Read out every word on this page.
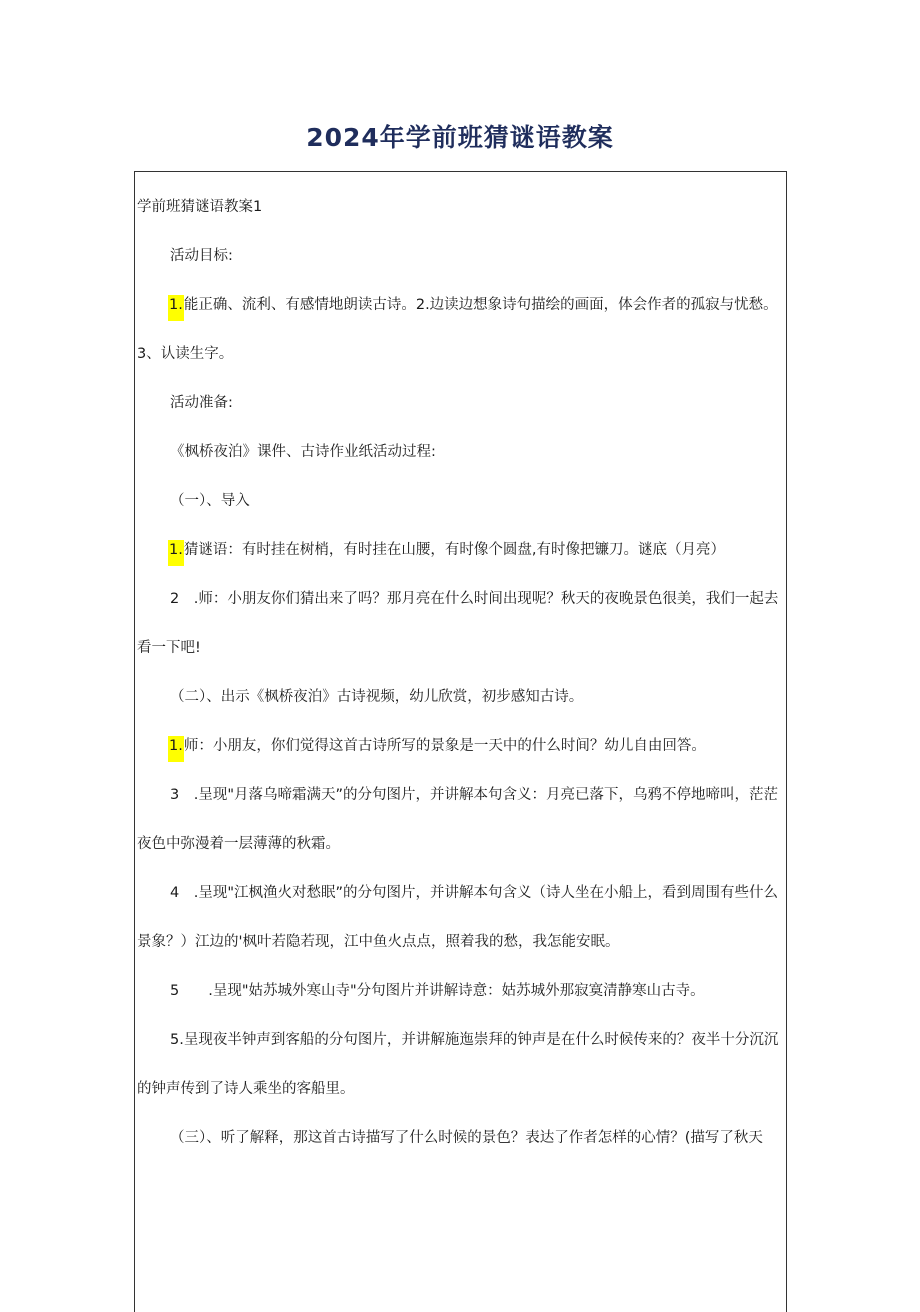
2024年学前班猜谜语教案
学前班猜谜语教案1
活动目标:
1.能正确、流利、有感情地朗读古诗。2.边读边想象诗句描绘的画面，体会作者的孤寂与忧愁。
3、认读生字。
活动准备:
《枫桥夜泊》课件、古诗作业纸活动过程:
（一）、导入
1.猜谜语：有时挂在树梢，有时挂在山腰，有时像个圆盘,有时像把镰刀。谜底（月亮）
2　.师：小朋友你们猜出来了吗？那月亮在什么时间出现呢？秋天的夜晚景色很美，我们一起去
看一下吧!
（二）、出示《枫桥夜泊》古诗视频，幼儿欣赏，初步感知古诗。
1.师：小朋友，你们觉得这首古诗所写的景象是一天中的什么时间？幼儿自由回答。
3　.呈现"月落乌啼霜满天”的分句图片，并讲解本句含义：月亮已落下，乌鸦不停地啼叫，茫茫
夜色中弥漫着一层薄薄的秋霜。
4　.呈现"江枫渔火对愁眠”的分句图片，并讲解本句含义（诗人坐在小船上，看到周围有些什么
景象？）江边的'枫叶若隐若现，江中鱼火点点，照着我的愁，我怎能安眠。
5　　.呈现"姑苏城外寒山寺"分句图片并讲解诗意：姑苏城外那寂寞清静寒山古寺。
5.呈现夜半钟声到客船的分句图片，并讲解施迤崇拜的钟声是在什么时候传来的？夜半十分沉沉
的钟声传到了诗人乘坐的客船里。
（三）、听了解释，那这首古诗描写了什么时候的景色？表达了作者怎样的心情？(描写了秋天
